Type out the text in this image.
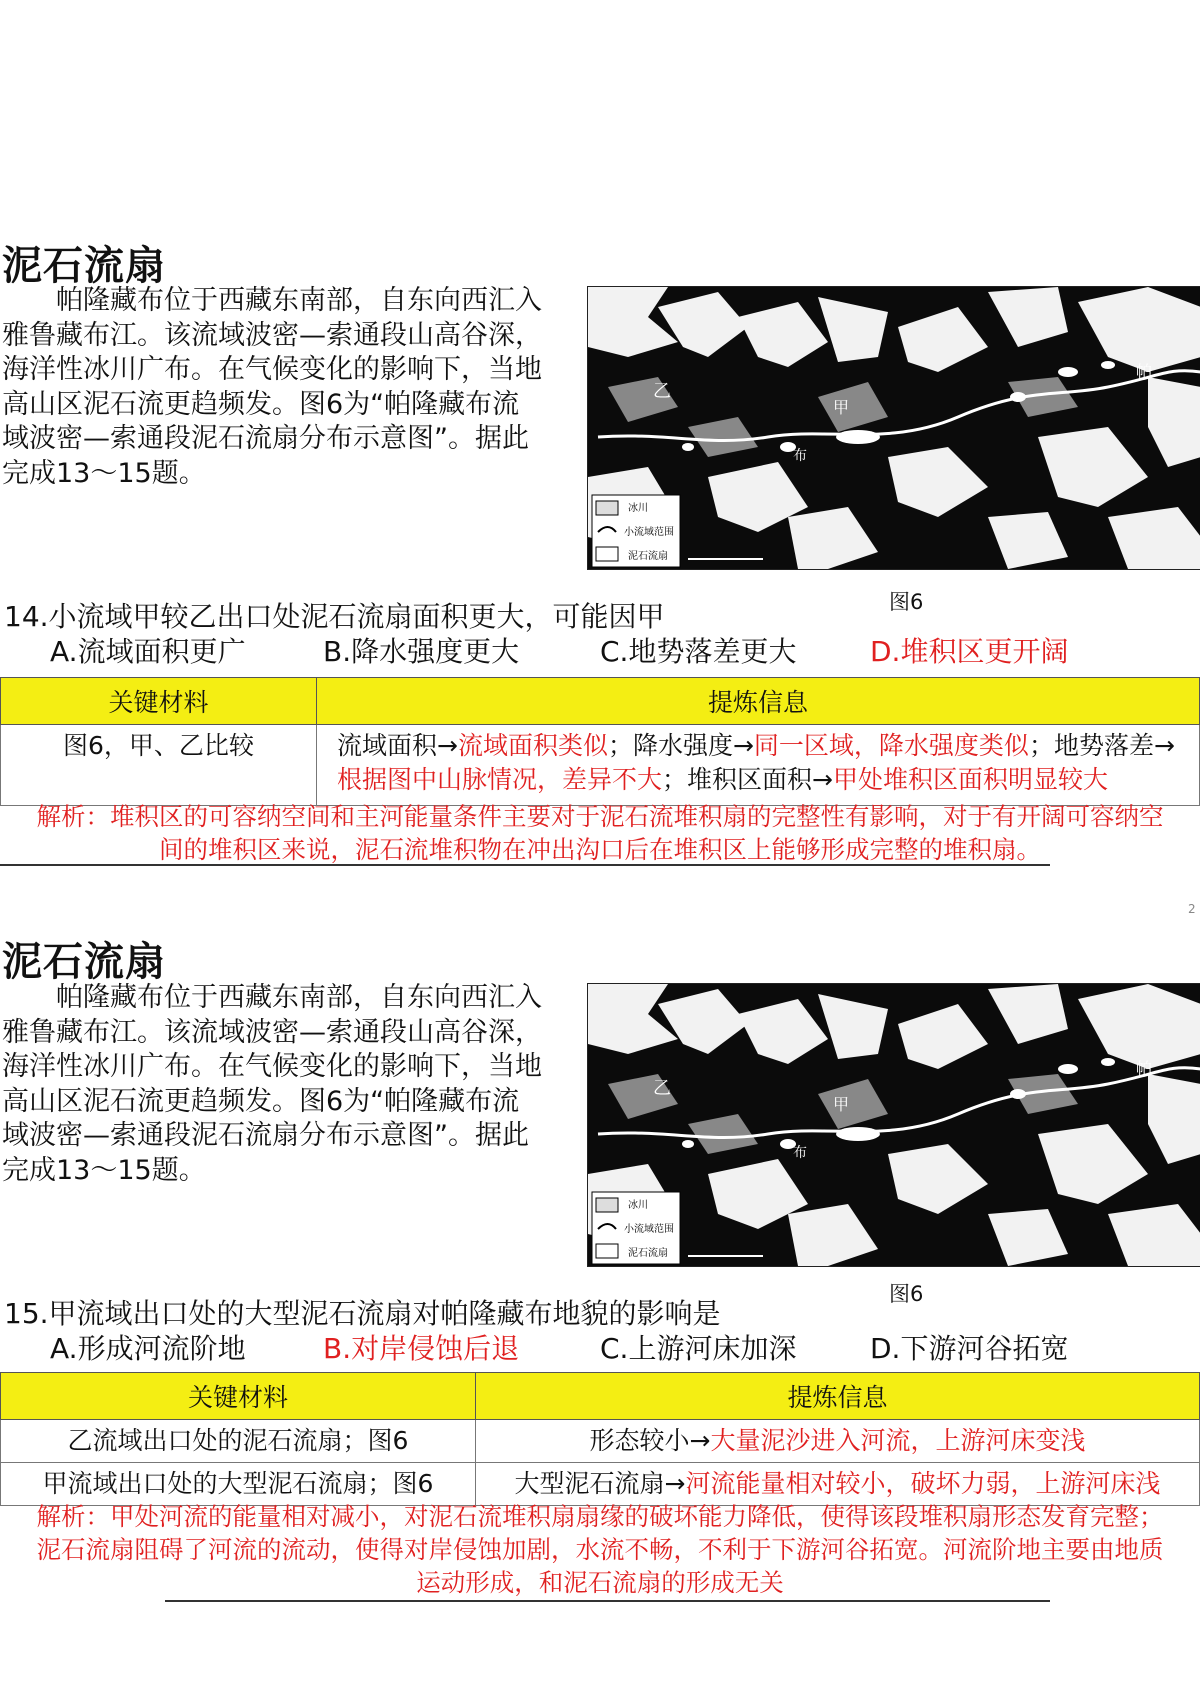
泥石流扇

帕隆藏布位于西藏东南部，自东向西汇入

雅鲁藏布江。该流域波密—索通段山高谷深，

海洋性冰川广布。在气候变化的影响下，当地

高山区泥石流更趋频发。图6为“帕隆藏布流

域波密—索通段泥石流扇分布示意图”。据此

完成13～15题。

乙
甲
帕
布
冰川
小流域范围
泥石流扇
图6
14.小流域甲较乙出口处泥石流扇面积更大，可能因甲
A.流域面积更广	B.降水强度更大	C.地势落差更大	D.堆积区更开阔
关键材料	提炼信息
图6，甲、乙比较	流域面积→流域面积类似；降水强度→同一区域，降水强度类似；地势落差→根据图中山脉情况，差异不大；堆积区面积→甲处堆积区面积明显较大
解析：堆积区的可容纳空间和主河能量条件主要对于泥石流堆积扇的完整性有影响，对于有开阔可容纳空
间的堆积区来说，泥石流堆积物在冲出沟口后在堆积区上能够形成完整的堆积扇。
2
泥石流扇

帕隆藏布位于西藏东南部，自东向西汇入

雅鲁藏布江。该流域波密—索通段山高谷深，

海洋性冰川广布。在气候变化的影响下，当地

高山区泥石流更趋频发。图6为“帕隆藏布流

域波密—索通段泥石流扇分布示意图”。据此

完成13～15题。

乙
甲
帕
布
冰川
小流域范围
泥石流扇
图6
15.甲流域出口处的大型泥石流扇对帕隆藏布地貌的影响是
A.形成河流阶地	B.对岸侵蚀后退	C.上游河床加深	D.下游河谷拓宽
关键材料	提炼信息
乙流域出口处的泥石流扇；图6	形态较小→大量泥沙进入河流，上游河床变浅
甲流域出口处的大型泥石流扇；图6	大型泥石流扇→河流能量相对较小，破坏力弱，上游河床浅
解析：甲处河流的能量相对减小，对泥石流堆积扇扇缘的破坏能力降低，使得该段堆积扇形态发育完整；
泥石流扇阻碍了河流的流动，使得对岸侵蚀加剧，水流不畅，不利于下游河谷拓宽。河流阶地主要由地质
运动形成，和泥石流扇的形成无关
